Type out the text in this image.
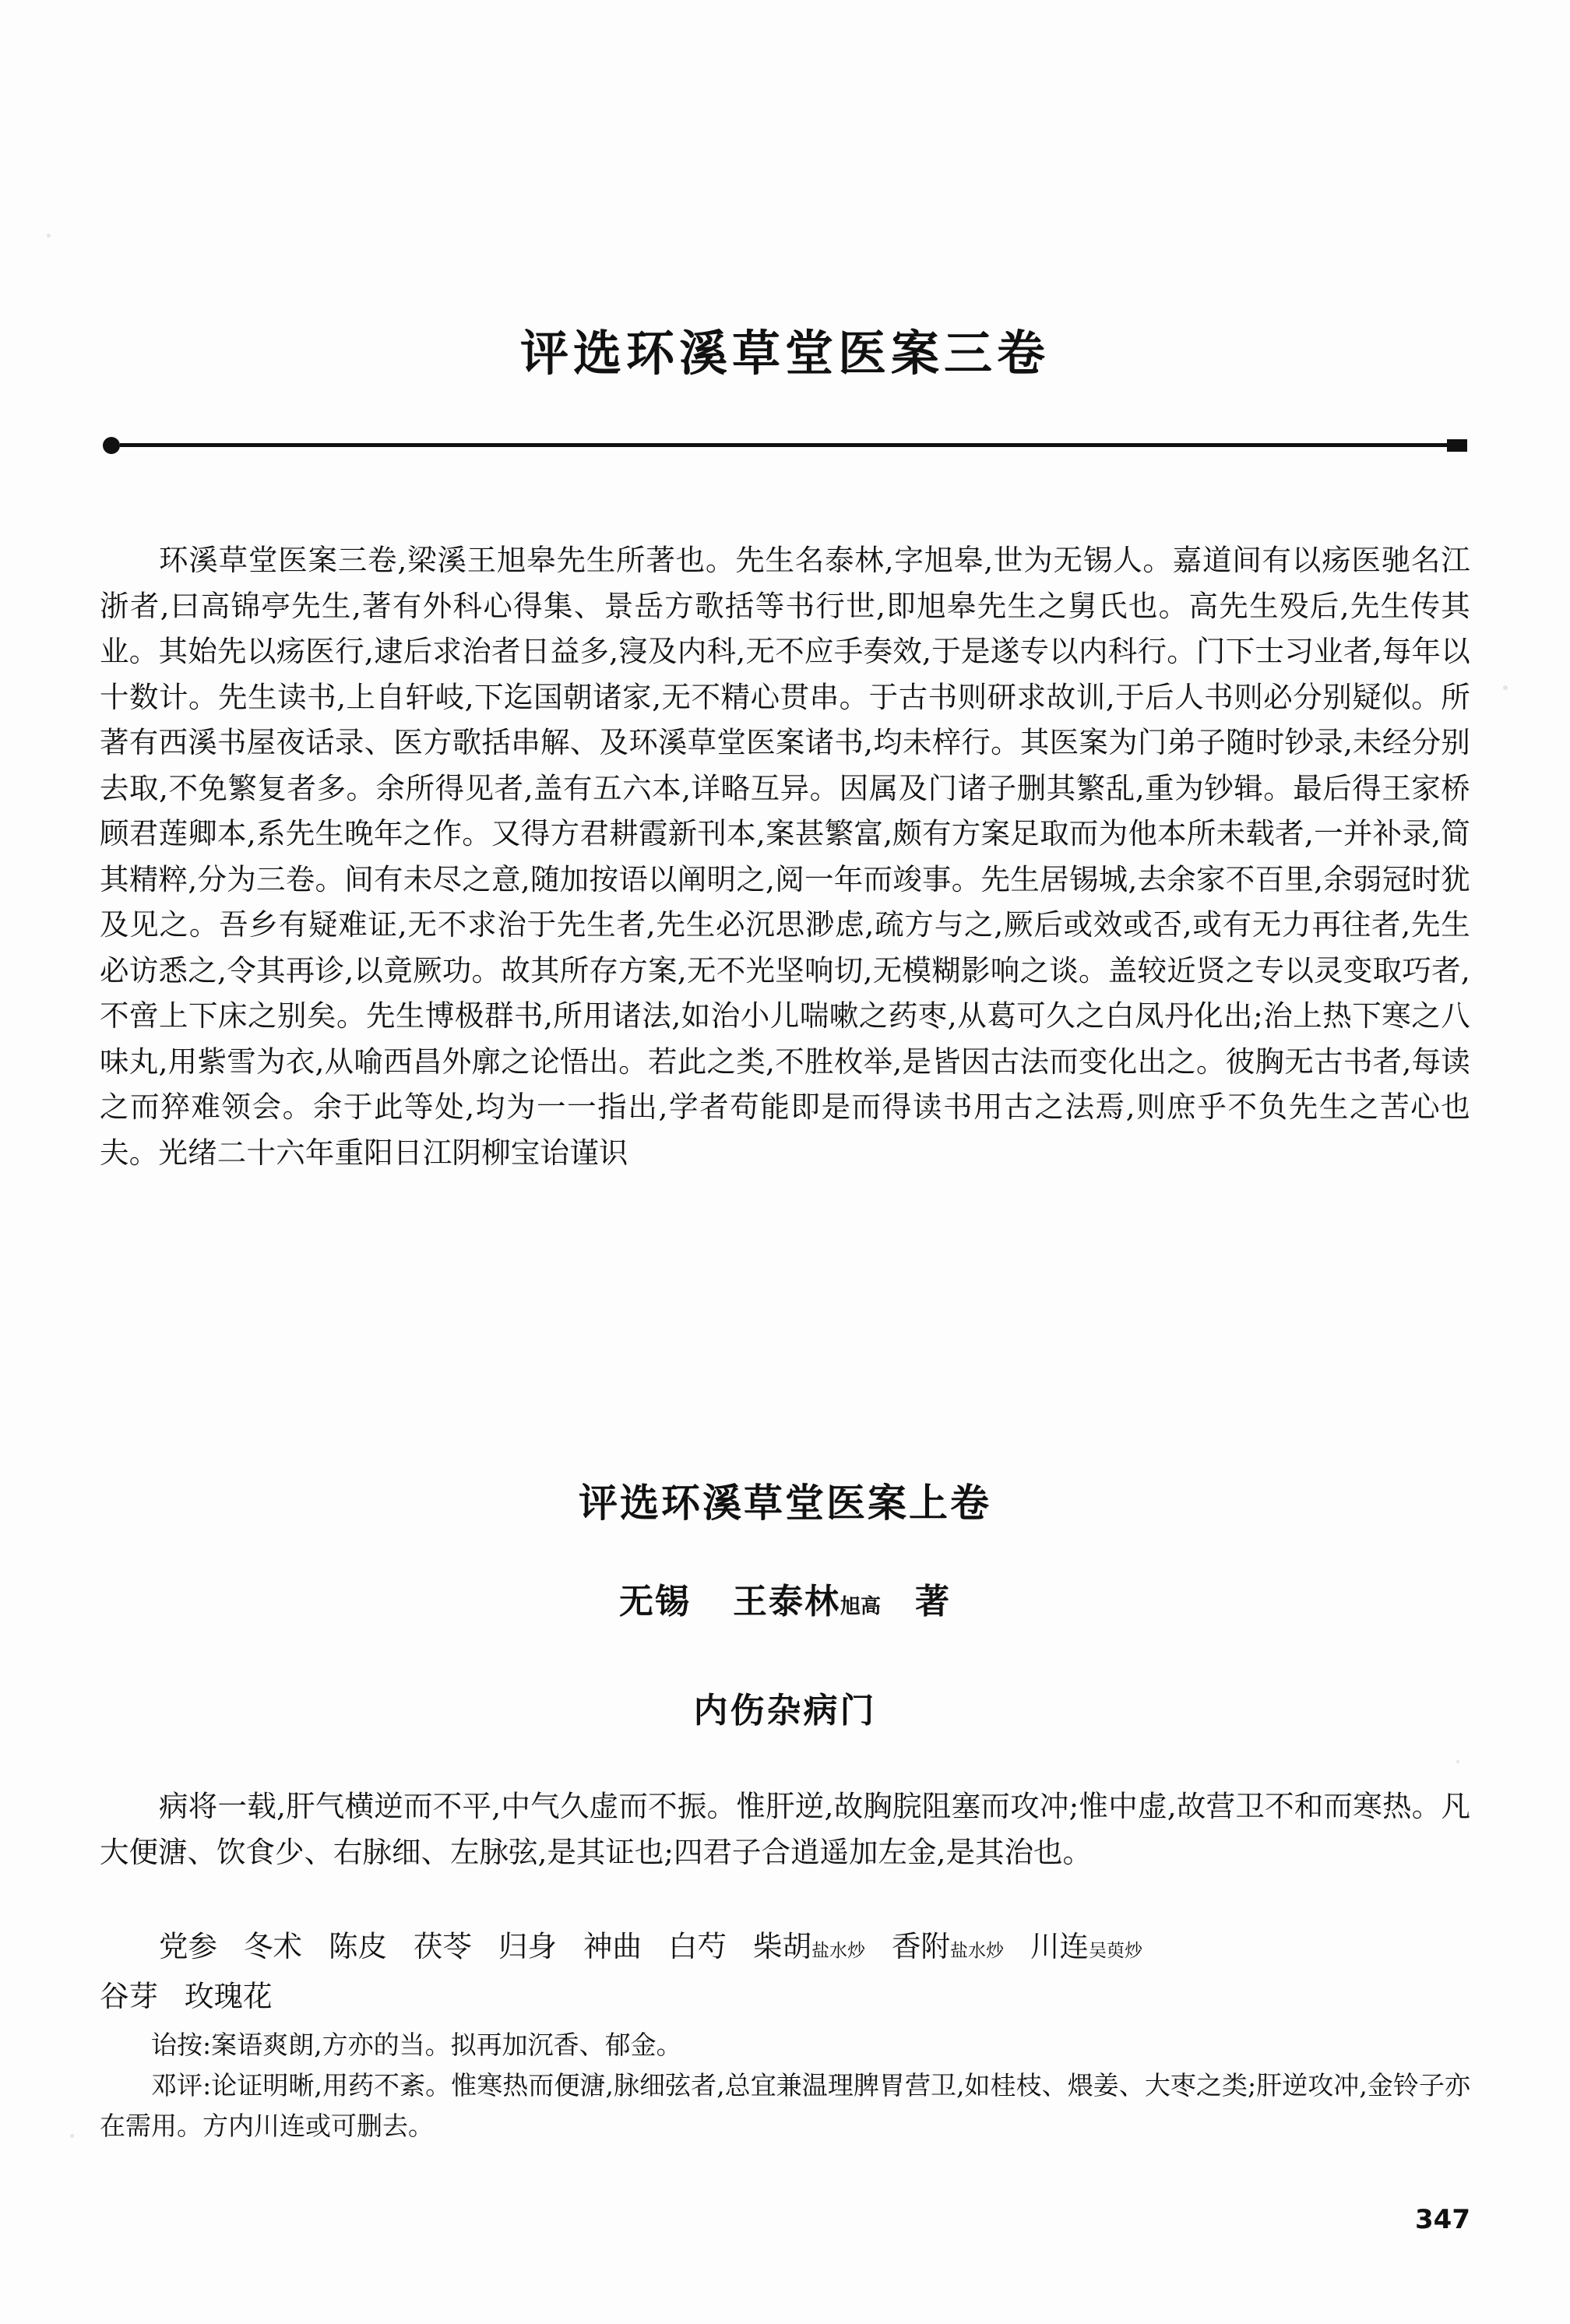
评选环溪草堂医案三卷

环溪草堂医案三卷,梁溪王旭皋先生所著也。先生名泰林,字旭皋,世为无锡人。嘉道间有以疡医驰名江浙者,曰高锦亭先生,著有外科心得集、景岳方歌括等书行世,即旭皋先生之舅氏也。高先生殁后,先生传其业。其始先以疡医行,逮后求治者日益多,寖及内科,无不应手奏效,于是遂专以内科行。门下士习业者,每年以十数计。先生读书,上自轩岐,下迄国朝诸家,无不精心贯串。于古书则研求故训,于后人书则必分别疑似。所著有西溪书屋夜话录、医方歌括串解、及环溪草堂医案诸书,均未梓行。其医案为门弟子随时钞录,未经分别去取,不免繁复者多。余所得见者,盖有五六本,详略互异。因属及门诸子删其繁乱,重为钞辑。最后得王家桥顾君莲卿本,系先生晚年之作。又得方君耕霞新刊本,案甚繁富,颇有方案足取而为他本所未载者,一并补录,简其精粹,分为三卷。间有未尽之意,随加按语以阐明之,阅一年而竣事。先生居锡城,去余家不百里,余弱冠时犹及见之。吾乡有疑难证,无不求治于先生者,先生必沉思渺虑,疏方与之,厥后或效或否,或有无力再往者,先生必访悉之,令其再诊,以竟厥功。故其所存方案,无不光坚响切,无模糊影响之谈。盖较近贤之专以灵变取巧者,不啻上下床之别矣。先生博极群书,所用诸法,如治小儿喘嗽之药枣,从葛可久之白凤丹化出;治上热下寒之八味丸,用紫雪为衣,从喻西昌外廓之论悟出。若此之类,不胜枚举,是皆因古法而变化出之。彼胸无古书者,每读之而猝难领会。余于此等处,均为一一指出,学者苟能即是而得读书用古之法焉,则庶乎不负先生之苦心也夫。光绪二十六年重阳日江阴柳宝诒谨识

评选环溪草堂医案上卷
无锡 王泰林旭高 著
内伤杂病门

病将一载,肝气横逆而不平,中气久虚而不振。惟肝逆,故胸脘阻塞而攻冲;惟中虚,故营卫不和而寒热。凡大便溏、饮食少、右脉细、左脉弦,是其证也;四君子合逍遥加左金,是其治也。

党参 冬术 陈皮 茯苓 归身 神曲 白芍 柴胡盐水炒 香附盐水炒 川连吴萸炒
谷芽 玫瑰花

诒按:案语爽朗,方亦的当。拟再加沉香、郁金。

邓评:论证明晰,用药不紊。惟寒热而便溏,脉细弦者,总宜兼温理脾胃营卫,如桂枝、煨姜、大枣之类;肝逆攻冲,金铃子亦在需用。方内川连或可删去。

347
